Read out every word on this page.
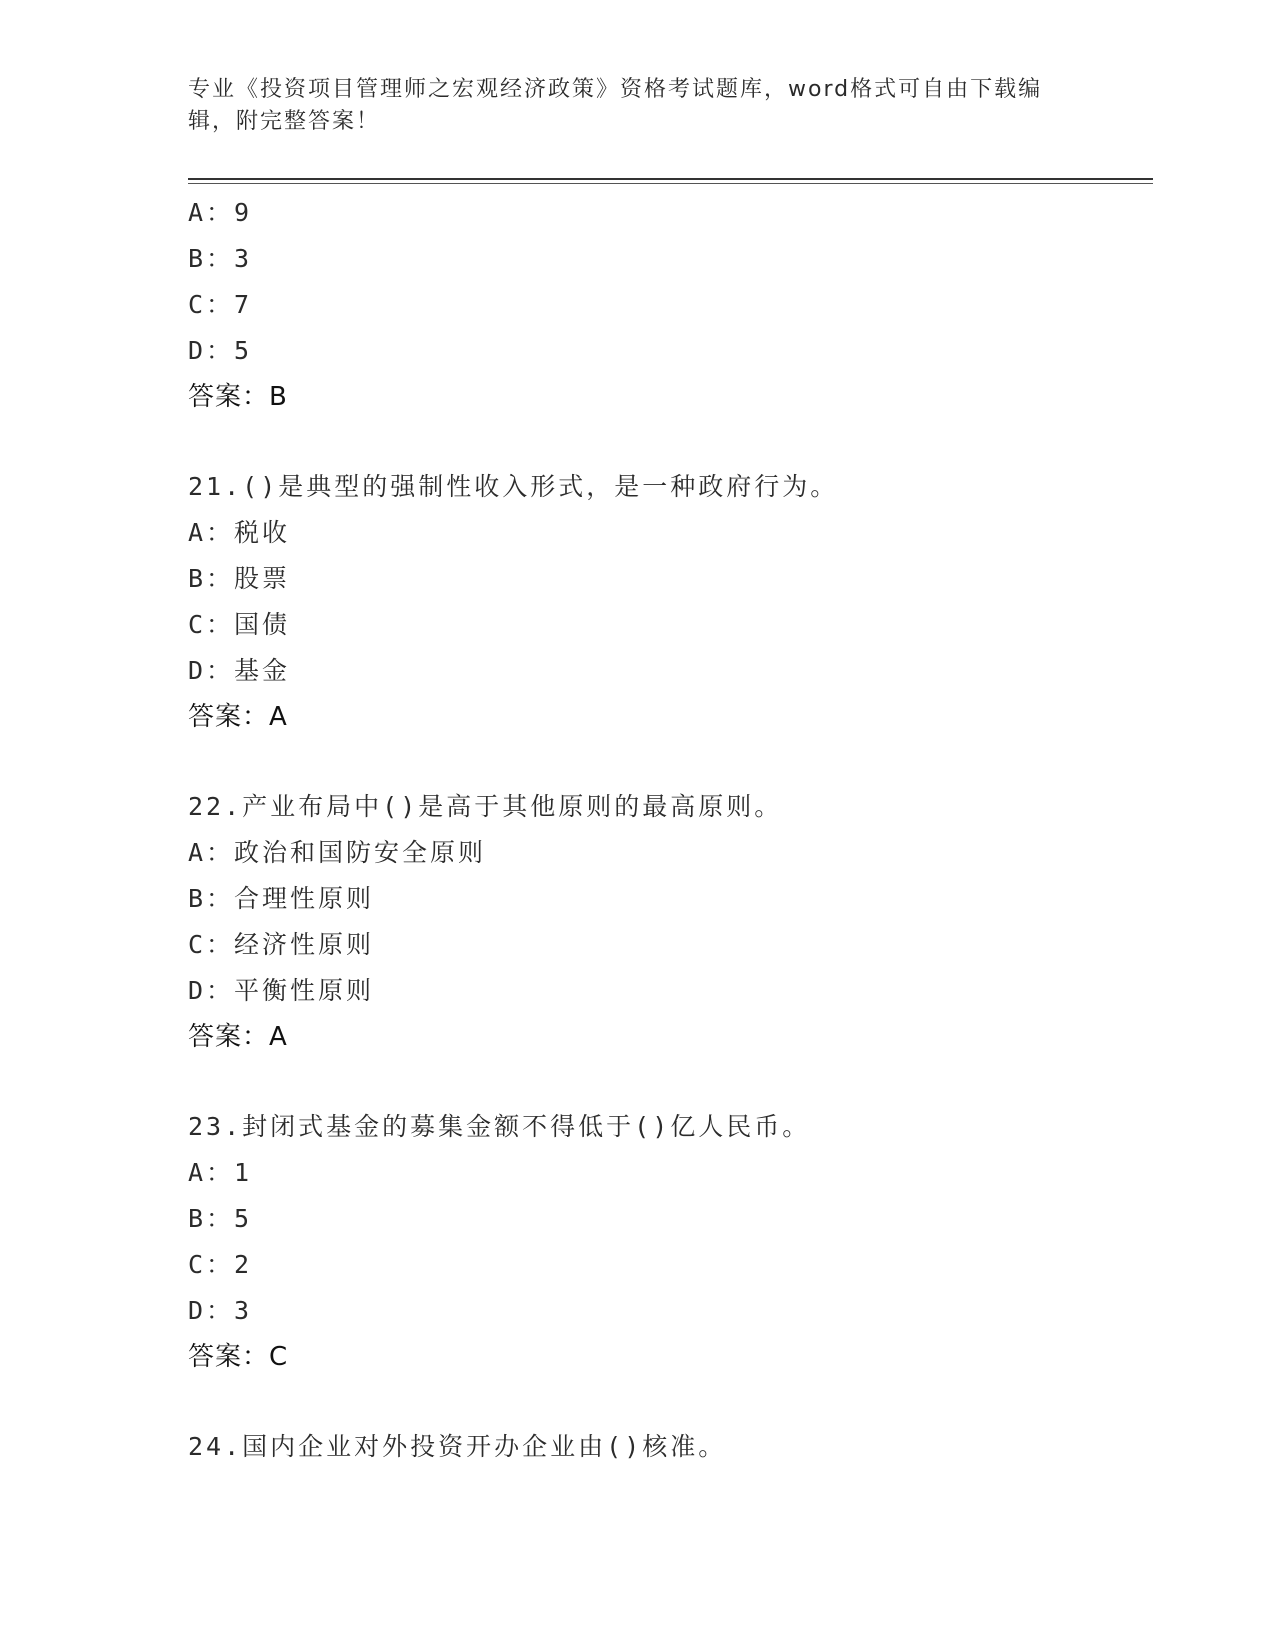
专业《投资项目管理师之宏观经济政策》资格考试题库，word格式可自由下载编辑，附完整答案！
A：9
B：3
C：7
D：5
答案：B
21.()是典型的强制性收入形式，是一种政府行为。
A：税收
B：股票
C：国债
D：基金
答案：A
22.产业布局中()是高于其他原则的最高原则。
A：政治和国防安全原则
B：合理性原则
C：经济性原则
D：平衡性原则
答案：A
23.封闭式基金的募集金额不得低于()亿人民币。
A：1
B：5
C：2
D：3
答案：C
24.国内企业对外投资开办企业由()核准。
